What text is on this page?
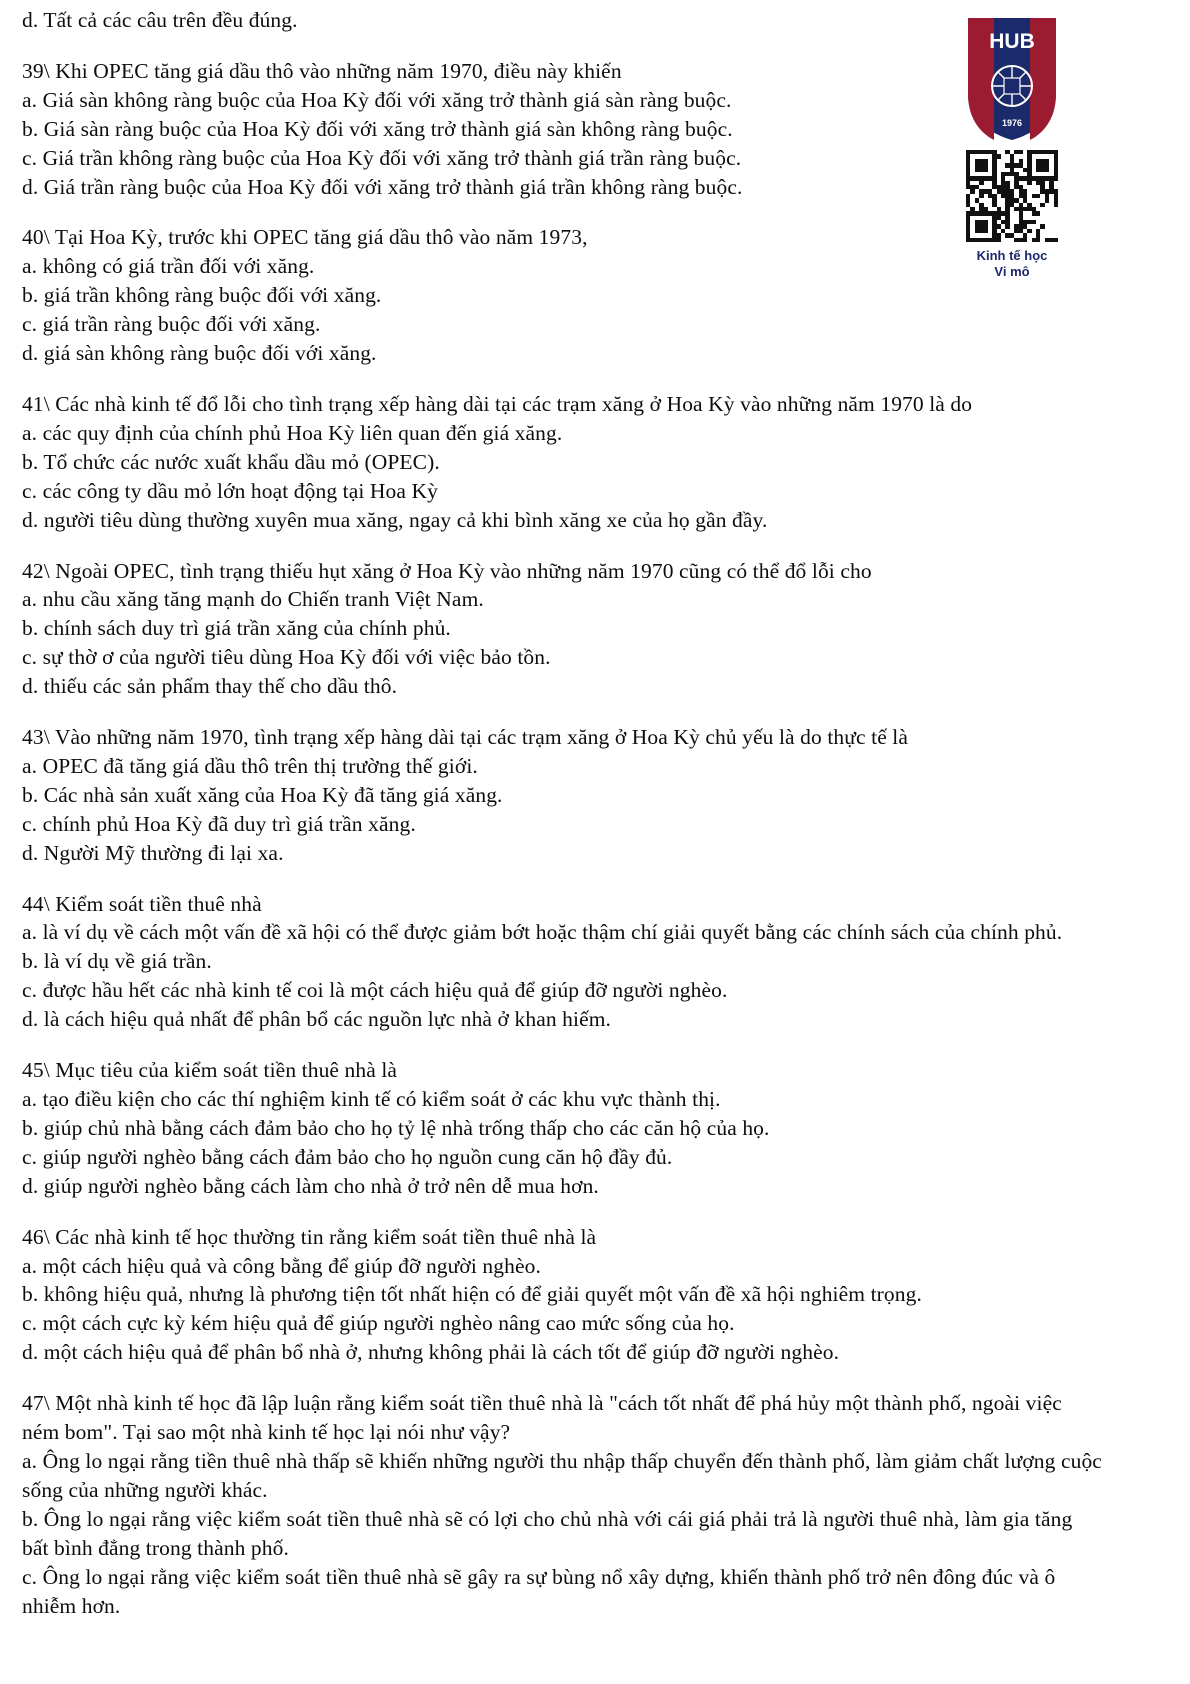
HUB
1976
Kinh tế học
Vi mô

d. Tất cả các câu trên đều đúng.

39\ Khi OPEC tăng giá dầu thô vào những năm 1970, điều này khiến

a. Giá sàn không ràng buộc của Hoa Kỳ đối với xăng trở thành giá sàn ràng buộc.

b. Giá sàn ràng buộc của Hoa Kỳ đối với xăng trở thành giá sàn không ràng buộc.

c. Giá trần không ràng buộc của Hoa Kỳ đối với xăng trở thành giá trần ràng buộc.

d. Giá trần ràng buộc của Hoa Kỳ đối với xăng trở thành giá trần không ràng buộc.

40\ Tại Hoa Kỳ, trước khi OPEC tăng giá dầu thô vào năm 1973,

a. không có giá trần đối với xăng.

b. giá trần không ràng buộc đối với xăng.

c. giá trần ràng buộc đối với xăng.

d. giá sàn không ràng buộc đối với xăng.

41\ Các nhà kinh tế đổ lỗi cho tình trạng xếp hàng dài tại các trạm xăng ở Hoa Kỳ vào những năm 1970 là do

a. các quy định của chính phủ Hoa Kỳ liên quan đến giá xăng.

b. Tổ chức các nước xuất khẩu dầu mỏ (OPEC).

c. các công ty dầu mỏ lớn hoạt động tại Hoa Kỳ

d. người tiêu dùng thường xuyên mua xăng, ngay cả khi bình xăng xe của họ gần đầy.

42\ Ngoài OPEC, tình trạng thiếu hụt xăng ở Hoa Kỳ vào những năm 1970 cũng có thể đổ lỗi cho

a. nhu cầu xăng tăng mạnh do Chiến tranh Việt Nam.

b. chính sách duy trì giá trần xăng của chính phủ.

c. sự thờ ơ của người tiêu dùng Hoa Kỳ đối với việc bảo tồn.

d. thiếu các sản phẩm thay thế cho dầu thô.

43\ Vào những năm 1970, tình trạng xếp hàng dài tại các trạm xăng ở Hoa Kỳ chủ yếu là do thực tế là

a. OPEC đã tăng giá dầu thô trên thị trường thế giới.

b. Các nhà sản xuất xăng của Hoa Kỳ đã tăng giá xăng.

c. chính phủ Hoa Kỳ đã duy trì giá trần xăng.

d. Người Mỹ thường đi lại xa.

44\ Kiểm soát tiền thuê nhà

a. là ví dụ về cách một vấn đề xã hội có thể được giảm bớt hoặc thậm chí giải quyết bằng các chính sách của chính phủ.

b. là ví dụ về giá trần.

c. được hầu hết các nhà kinh tế coi là một cách hiệu quả để giúp đỡ người nghèo.

d. là cách hiệu quả nhất để phân bổ các nguồn lực nhà ở khan hiếm.

45\ Mục tiêu của kiểm soát tiền thuê nhà là

a. tạo điều kiện cho các thí nghiệm kinh tế có kiểm soát ở các khu vực thành thị.

b. giúp chủ nhà bằng cách đảm bảo cho họ tỷ lệ nhà trống thấp cho các căn hộ của họ.

c. giúp người nghèo bằng cách đảm bảo cho họ nguồn cung căn hộ đầy đủ.

d. giúp người nghèo bằng cách làm cho nhà ở trở nên dễ mua hơn.

46\ Các nhà kinh tế học thường tin rằng kiểm soát tiền thuê nhà là

a. một cách hiệu quả và công bằng để giúp đỡ người nghèo.

b. không hiệu quả, nhưng là phương tiện tốt nhất hiện có để giải quyết một vấn đề xã hội nghiêm trọng.

c. một cách cực kỳ kém hiệu quả để giúp người nghèo nâng cao mức sống của họ.

d. một cách hiệu quả để phân bổ nhà ở, nhưng không phải là cách tốt để giúp đỡ người nghèo.

47\ Một nhà kinh tế học đã lập luận rằng kiểm soát tiền thuê nhà là "cách tốt nhất để phá hủy một thành phố, ngoài việc ném bom". Tại sao một nhà kinh tế học lại nói như vậy?

a. Ông lo ngại rằng tiền thuê nhà thấp sẽ khiến những người thu nhập thấp chuyển đến thành phố, làm giảm chất lượng cuộc sống của những người khác.

b. Ông lo ngại rằng việc kiểm soát tiền thuê nhà sẽ có lợi cho chủ nhà với cái giá phải trả là người thuê nhà, làm gia tăng bất bình đẳng trong thành phố.

c. Ông lo ngại rằng việc kiểm soát tiền thuê nhà sẽ gây ra sự bùng nổ xây dựng, khiến thành phố trở nên đông đúc và ô nhiễm hơn.
